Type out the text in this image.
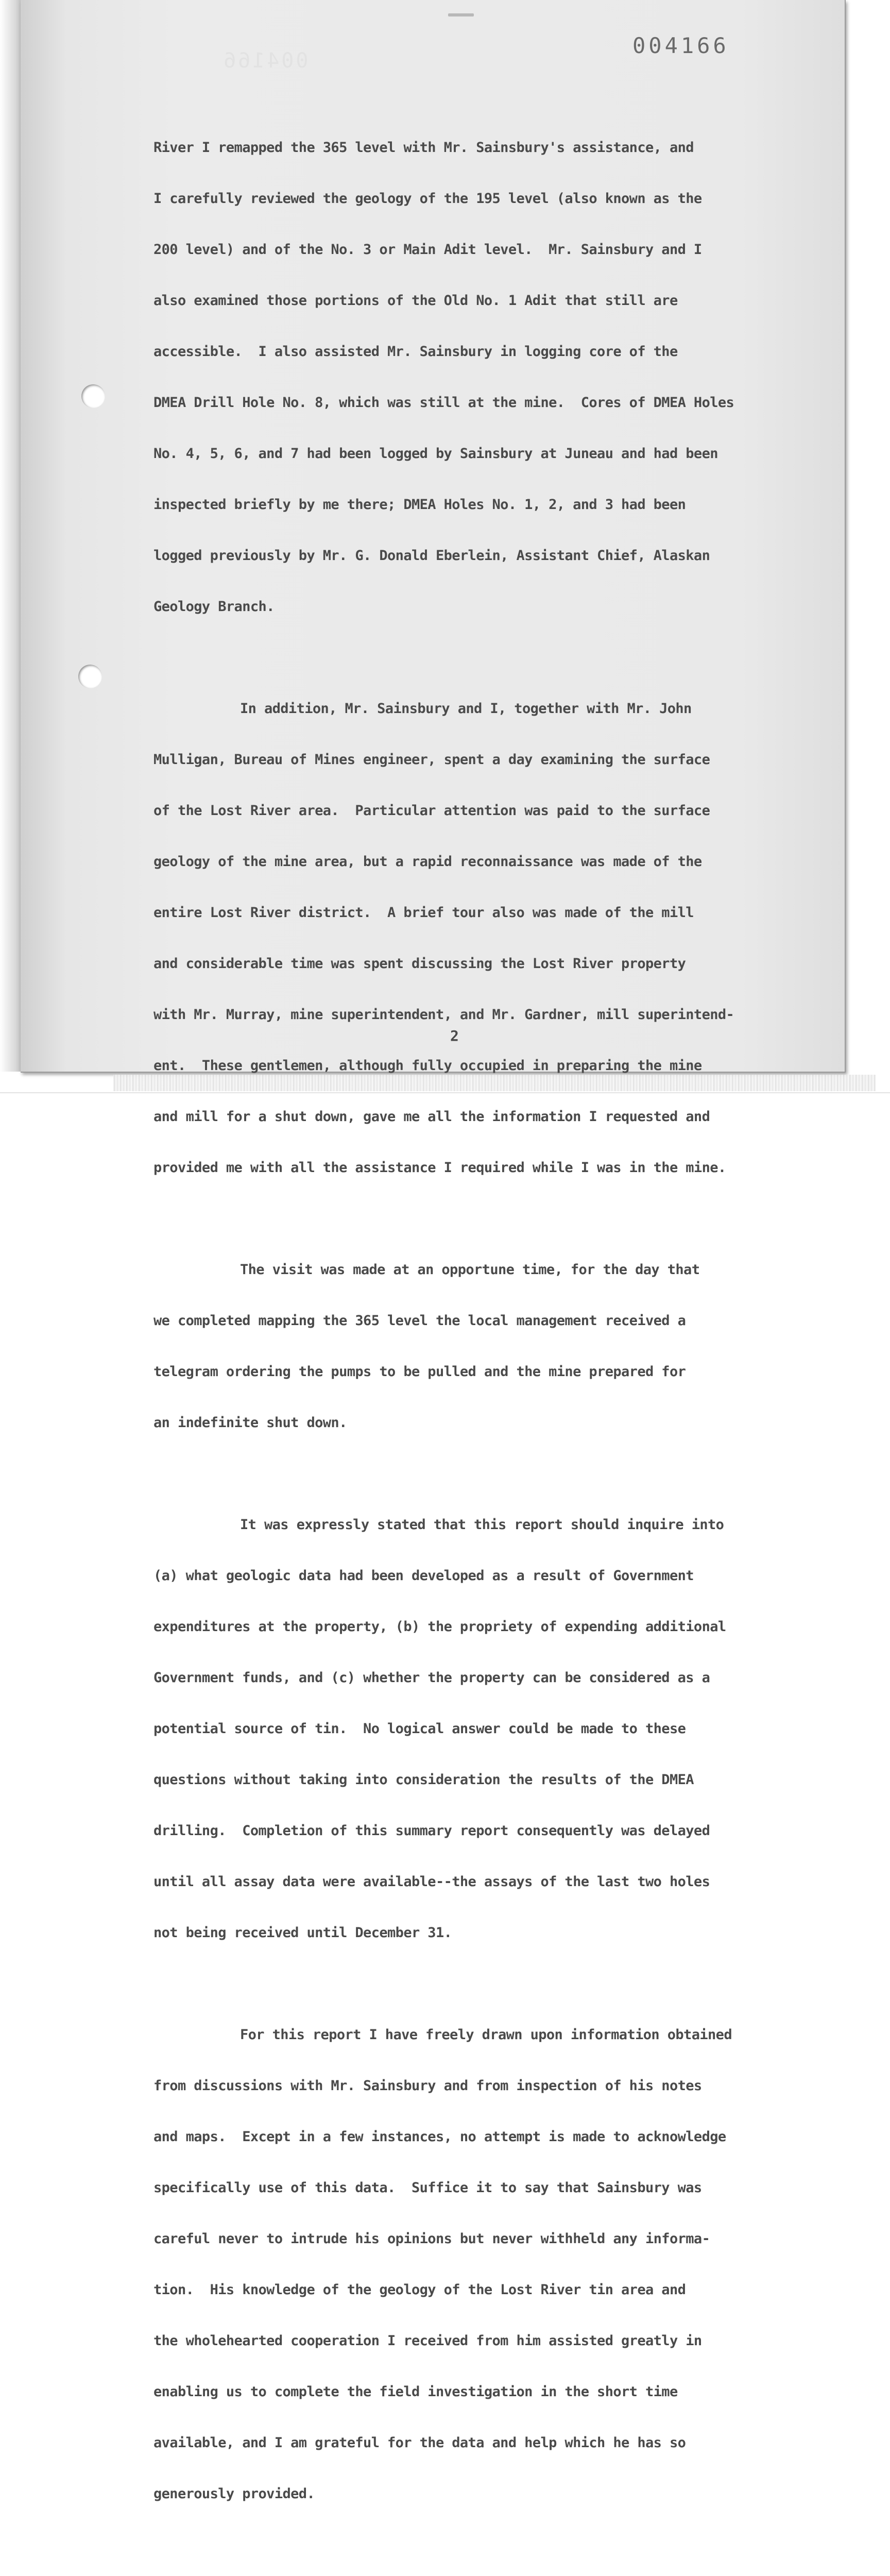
004166
004166

River I remapped the 365 level with Mr. Sainsbury's assistance, and

I carefully reviewed the geology of the 195 level (also known as the

200 level) and of the No. 3 or Main Adit level.  Mr. Sainsbury and I

also examined those portions of the Old No. 1 Adit that still are

accessible.  I also assisted Mr. Sainsbury in logging core of the

DMEA Drill Hole No. 8, which was still at the mine.  Cores of DMEA Holes

No. 4, 5, 6, and 7 had been logged by Sainsbury at Juneau and had been

inspected briefly by me there; DMEA Holes No. 1, 2, and 3 had been

logged previously by Mr. G. Donald Eberlein, Assistant Chief, Alaskan

Geology Branch.

In addition, Mr. Sainsbury and I, together with Mr. John

Mulligan, Bureau of Mines engineer, spent a day examining the surface

of the Lost River area.  Particular attention was paid to the surface

geology of the mine area, but a rapid reconnaissance was made of the

entire Lost River district.  A brief tour also was made of the mill

and considerable time was spent discussing the Lost River property

with Mr. Murray, mine superintendent, and Mr. Gardner, mill superintend-

ent.  These gentlemen, although fully occupied in preparing the mine

and mill for a shut down, gave me all the information I requested and

provided me with all the assistance I required while I was in the mine.

The visit was made at an opportune time, for the day that

we completed mapping the 365 level the local management received a

telegram ordering the pumps to be pulled and the mine prepared for

an indefinite shut down.

It was expressly stated that this report should inquire into

(a) what geologic data had been developed as a result of Government

expenditures at the property, (b) the propriety of expending additional

Government funds, and (c) whether the property can be considered as a

potential source of tin.  No logical answer could be made to these

questions without taking into consideration the results of the DMEA

drilling.  Completion of this summary report consequently was delayed

until all assay data were available--the assays of the last two holes

not being received until December 31.

For this report I have freely drawn upon information obtained

from discussions with Mr. Sainsbury and from inspection of his notes

and maps.  Except in a few instances, no attempt is made to acknowledge

specifically use of this data.  Suffice it to say that Sainsbury was

careful never to intrude his opinions but never withheld any informa-

tion.  His knowledge of the geology of the Lost River tin area and

the wholehearted cooperation I received from him assisted greatly in

enabling us to complete the field investigation in the short time

available, and I am grateful for the data and help which he has so

generously provided.

2
